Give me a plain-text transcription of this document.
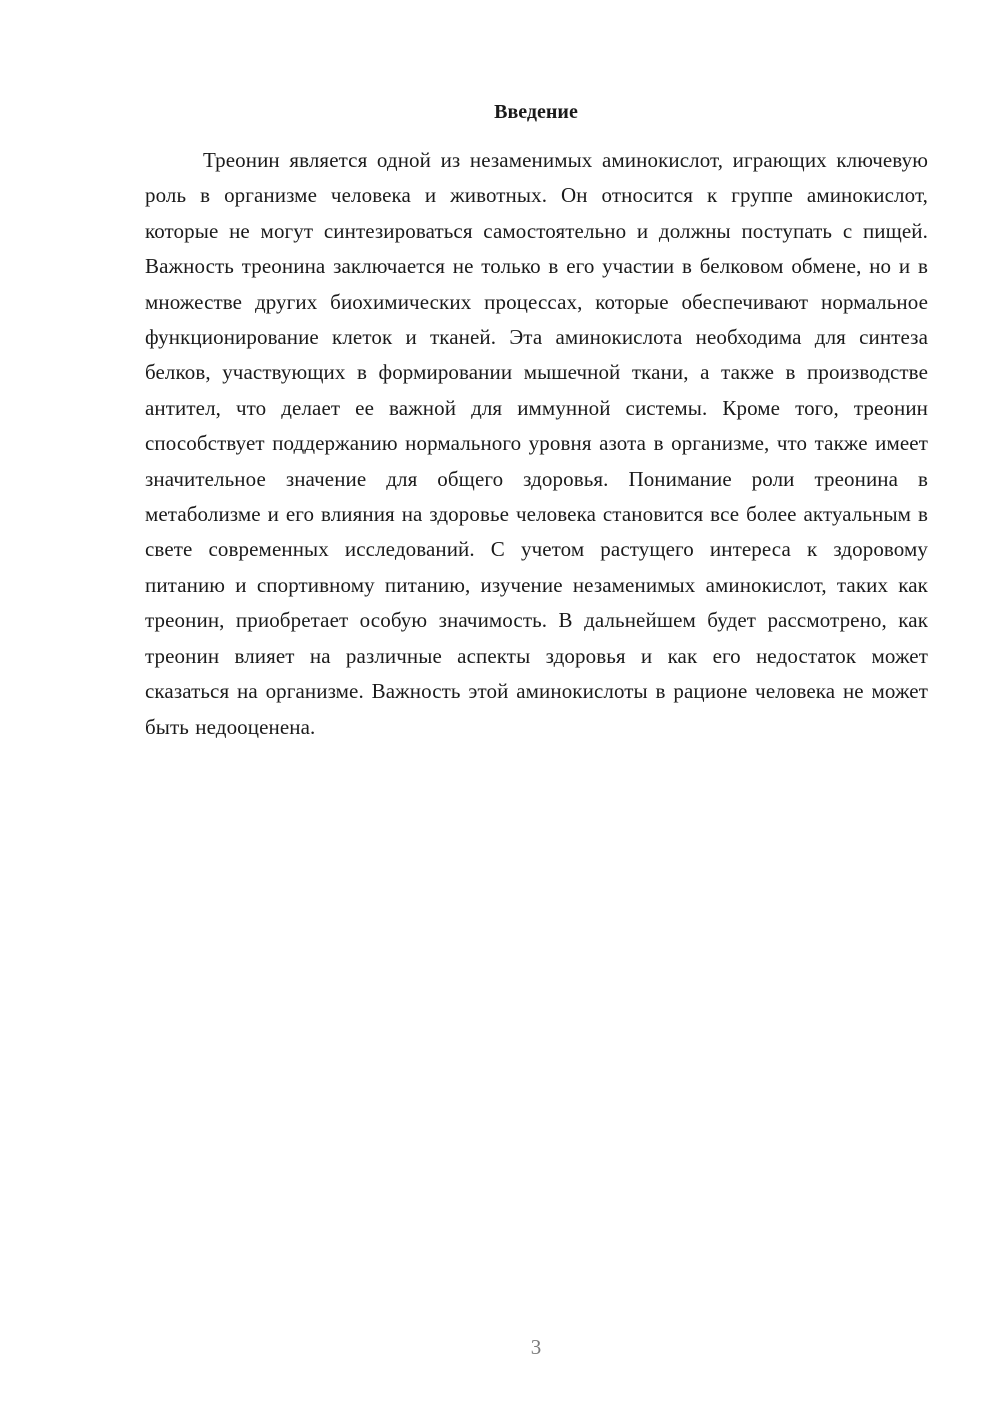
Введение

Треонин является одной из незаменимых аминокислот, играющих ключевую роль в организме человека и животных. Он относится к группе аминокислот, которые не могут синтезироваться самостоятельно и должны поступать с пищей. Важность треонина заключается не только в его участии в белковом обмене, но и в множестве других биохимических процессах, которые обеспечивают нормальное функционирование клеток и тканей. Эта аминокислота необходима для синтеза белков, участвующих в формировании мышечной ткани, а также в производстве антител, что делает ее важной для иммунной системы. Кроме того, треонин способствует поддержанию нормального уровня азота в организме, что также имеет значительное значение для общего здоровья. Понимание роли треонина в метаболизме и его влияния на здоровье человека становится все более актуальным в свете современных исследований. С учетом растущего интереса к здоровому питанию и спортивному питанию, изучение незаменимых аминокислот, таких как треонин, приобретает особую значимость. В дальнейшем будет рассмотрено, как треонин влияет на различные аспекты здоровья и как его недостаток может сказаться на организме. Важность этой аминокислоты в рационе человека не может быть недооценена.

3
